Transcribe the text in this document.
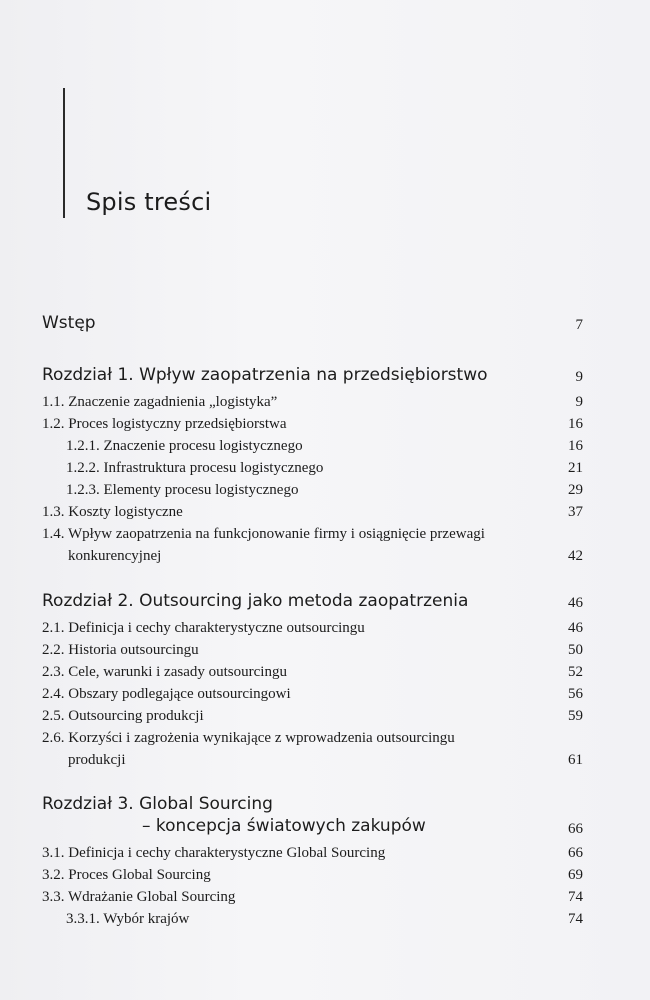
Spis treści
Wstęp	7
Rozdział 1. Wpływ zaopatrzenia na przedsiębiorstwo	9
1.1. Znaczenie zagadnienia „logistyka”	9
1.2. Proces logistyczny przedsiębiorstwa	16
1.2.1. Znaczenie procesu logistycznego	16
1.2.2. Infrastruktura procesu logistycznego	21
1.2.3. Elementy procesu logistycznego	29
1.3. Koszty logistyczne	37
1.4. Wpływ zaopatrzenia na funkcjonowanie firmy i osiągnięcie przewagi
konkurencyjnej	42
Rozdział 2. Outsourcing jako metoda zaopatrzenia	46
2.1. Definicja i cechy charakterystyczne outsourcingu	46
2.2. Historia outsourcingu	50
2.3. Cele, warunki i zasady outsourcingu	52
2.4. Obszary podlegające outsourcingowi	56
2.5. Outsourcing produkcji	59
2.6. Korzyści i zagrożenia wynikające z wprowadzenia outsourcingu
produkcji	61
Rozdział 3. Global Sourcing
– koncepcja światowych zakupów	66
3.1. Definicja i cechy charakterystyczne Global Sourcing	66
3.2. Proces Global Sourcing	69
3.3. Wdrażanie Global Sourcing	74
3.3.1. Wybór krajów	74
